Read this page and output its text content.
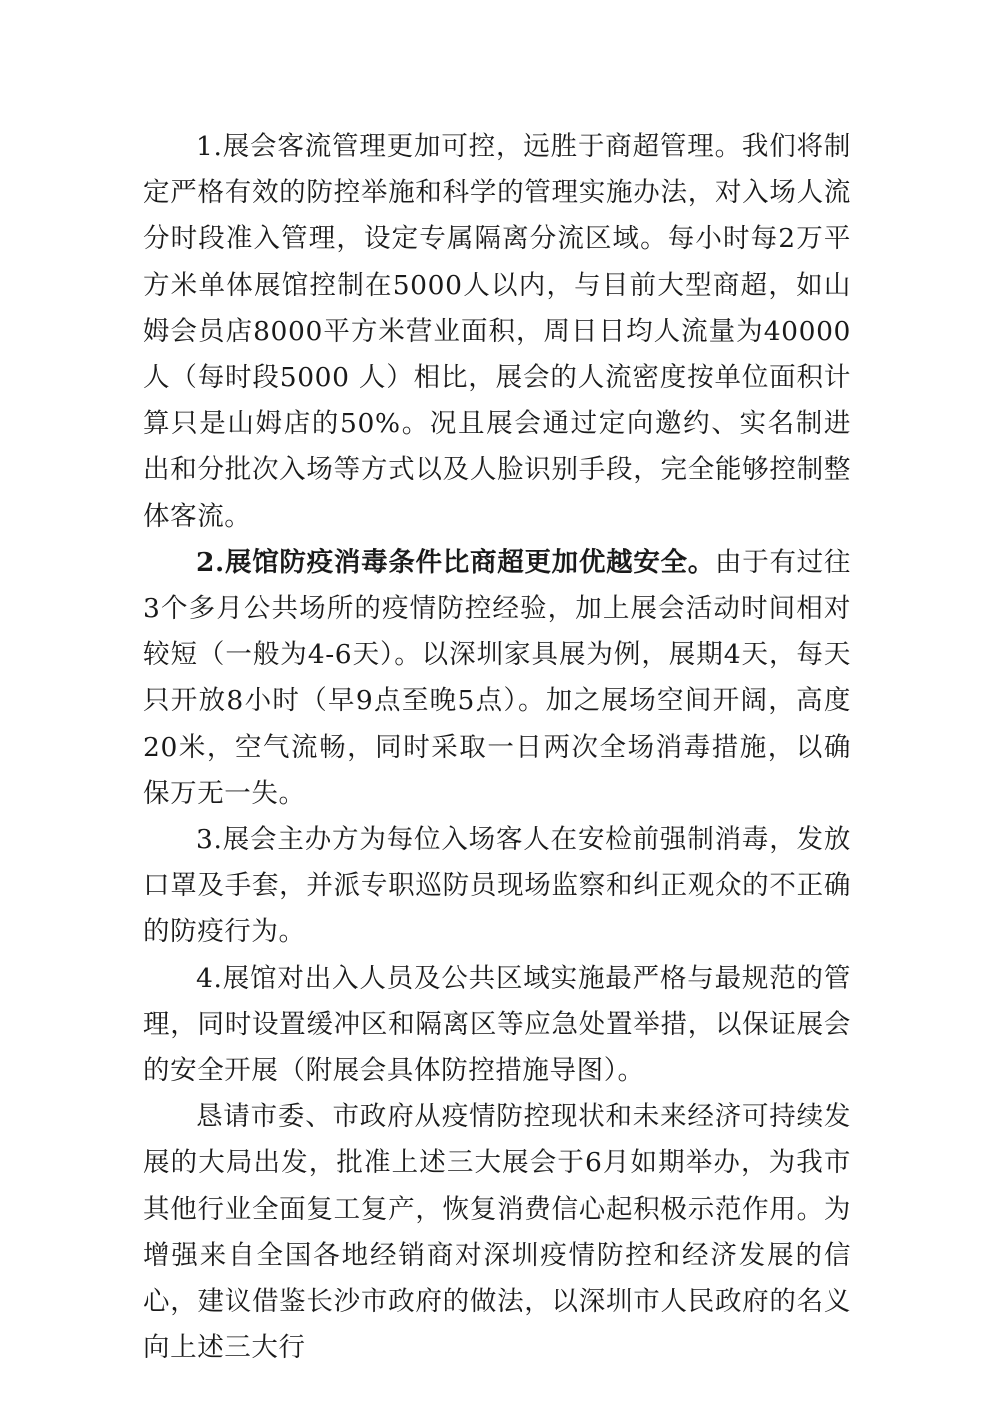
1.展会客流管理更加可控，远胜于商超管理。我们将制定严格有效的防控举施和科学的管理实施办法，对入场人流分时段准入管理，设定专属隔离分流区域。每小时每2万平方米单体展馆控制在5000人以内，与目前大型商超，如山姆会员店8000平方米营业面积，周日日均人流量为40000人（每时段5000 人）相比，展会的人流密度按单位面积计算只是山姆店的50%。况且展会通过定向邀约、实名制进出和分批次入场等方式以及人脸识别手段，完全能够控制整体客流。

2.展馆防疫消毒条件比商超更加优越安全。由于有过往3个多月公共场所的疫情防控经验，加上展会活动时间相对较短（一般为4-6天）。以深圳家具展为例，展期4天，每天只开放8小时（早9点至晚5点）。加之展场空间开阔，高度20米，空气流畅，同时采取一日两次全场消毒措施，以确保万无一失。

3.展会主办方为每位入场客人在安检前强制消毒，发放口罩及手套，并派专职巡防员现场监察和纠正观众的不正确的防疫行为。

4.展馆对出入人员及公共区域实施最严格与最规范的管理，同时设置缓冲区和隔离区等应急处置举措，以保证展会的安全开展（附展会具体防控措施导图）。

恳请市委、市政府从疫情防控现状和未来经济可持续发展的大局出发，批准上述三大展会于6月如期举办，为我市其他行业全面复工复产，恢复消费信心起积极示范作用。为增强来自全国各地经销商对深圳疫情防控和经济发展的信心，建议借鉴长沙市政府的做法，以深圳市人民政府的名义向上述三大行
